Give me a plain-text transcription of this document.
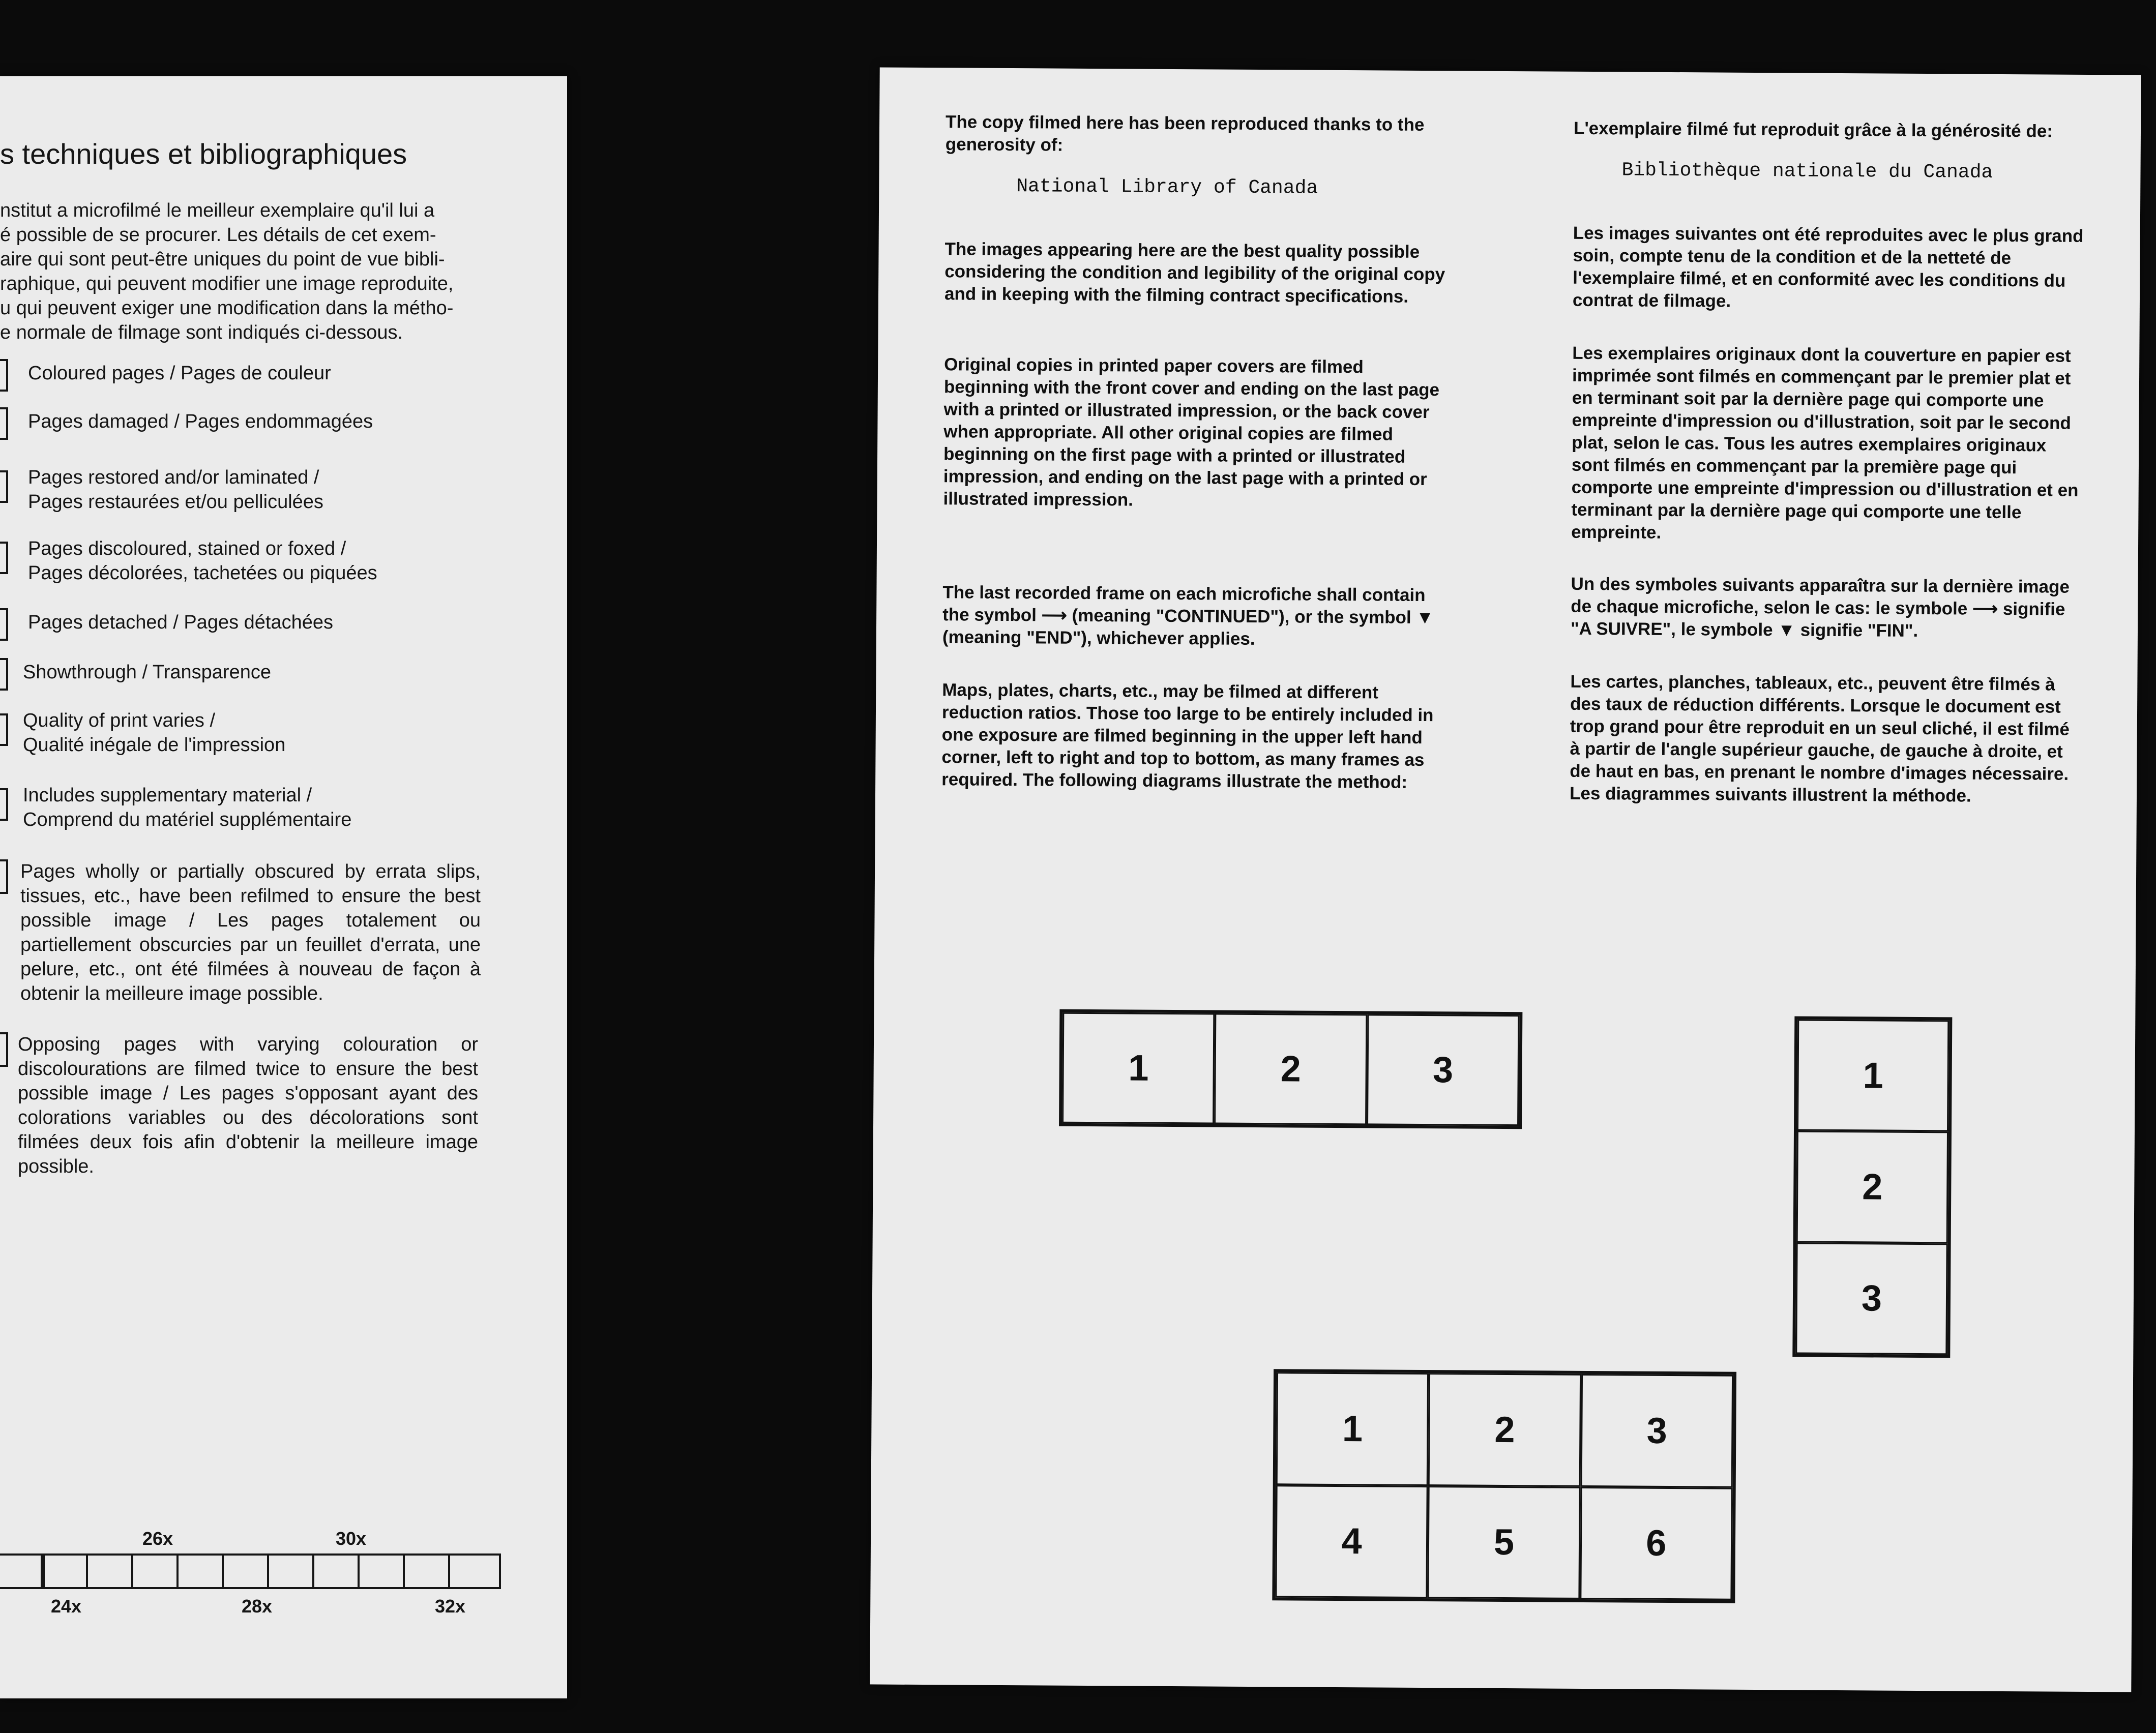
s techniques et bibliographiques

nstitut a microfilmé le meilleur exemplaire qu'il lui a

é possible de se procurer. Les détails de cet exem-

aire qui sont peut-être uniques du point de vue bibli-

raphique, qui peuvent modifier une image reproduite,

u qui peuvent exiger une modification dans la métho-

e normale de filmage sont indiqués ci-dessous.

Coloured pages / Pages de couleur
Pages damaged / Pages endommagées
Pages restored and/or laminated /
Pages restaurées et/ou pelliculées
Pages discoloured, stained or foxed /
Pages décolorées, tachetées ou piquées
Pages detached / Pages détachées
Showthrough / Transparence
Quality of print varies /
Qualité inégale de l'impression
Includes supplementary material /
Comprend du matériel supplémentaire
Pages wholly or partially obscured by errata slips, tissues, etc., have been refilmed to ensure the best possible image / Les pages totalement ou partiellement obscurcies par un feuillet d'errata, une pelure, etc., ont été filmées à nouveau de façon à obtenir la meilleure image possible.
Opposing pages with varying colouration or discolourations are filmed twice to ensure the best possible image / Les pages s'opposant ayant des colorations variables ou des décolorations sont filmées deux fois afin d'obtenir la meilleure image possible.
26x	30x
24x	28x	32x

The copy filmed here has been reproduced thanks to the generosity of:

National Library of Canada

The images appearing here are the best quality possible considering the condition and legibility of the original copy and in keeping with the filming contract specifications.

Original copies in printed paper covers are filmed beginning with the front cover and ending on the last page with a printed or illustrated impression, or the back cover when appropriate. All other original copies are filmed beginning on the first page with a printed or illustrated impression, and ending on the last page with a printed or illustrated impression.

The last recorded frame on each microfiche shall contain the symbol ⟶ (meaning "CONTINUED"), or the symbol ▼ (meaning "END"), whichever applies.

Maps, plates, charts, etc., may be filmed at different reduction ratios. Those too large to be entirely included in one exposure are filmed beginning in the upper left hand corner, left to right and top to bottom, as many frames as required. The following diagrams illustrate the method:

L'exemplaire filmé fut reproduit grâce à la générosité de:

Bibliothèque nationale du Canada

Les images suivantes ont été reproduites avec le plus grand soin, compte tenu de la condition et de la netteté de l'exemplaire filmé, et en conformité avec les conditions du contrat de filmage.

Les exemplaires originaux dont la couverture en papier est imprimée sont filmés en commençant par le premier plat et en terminant soit par la dernière page qui comporte une empreinte d'impression ou d'illustration, soit par le second plat, selon le cas. Tous les autres exemplaires originaux sont filmés en commençant par la première page qui comporte une empreinte d'impression ou d'illustration et en terminant par la dernière page qui comporte une telle empreinte.

Un des symboles suivants apparaîtra sur la dernière image de chaque microfiche, selon le cas: le symbole ⟶ signifie "A SUIVRE", le symbole ▼ signifie "FIN".

Les cartes, planches, tableaux, etc., peuvent être filmés à des taux de réduction différents. Lorsque le document est trop grand pour être reproduit en un seul cliché, il est filmé à partir de l'angle supérieur gauche, de gauche à droite, et de haut en bas, en prenant le nombre d'images nécessaire. Les diagrammes suivants illustrent la méthode.

1	2	3	1
2
3
1	2	3
4	5	6
